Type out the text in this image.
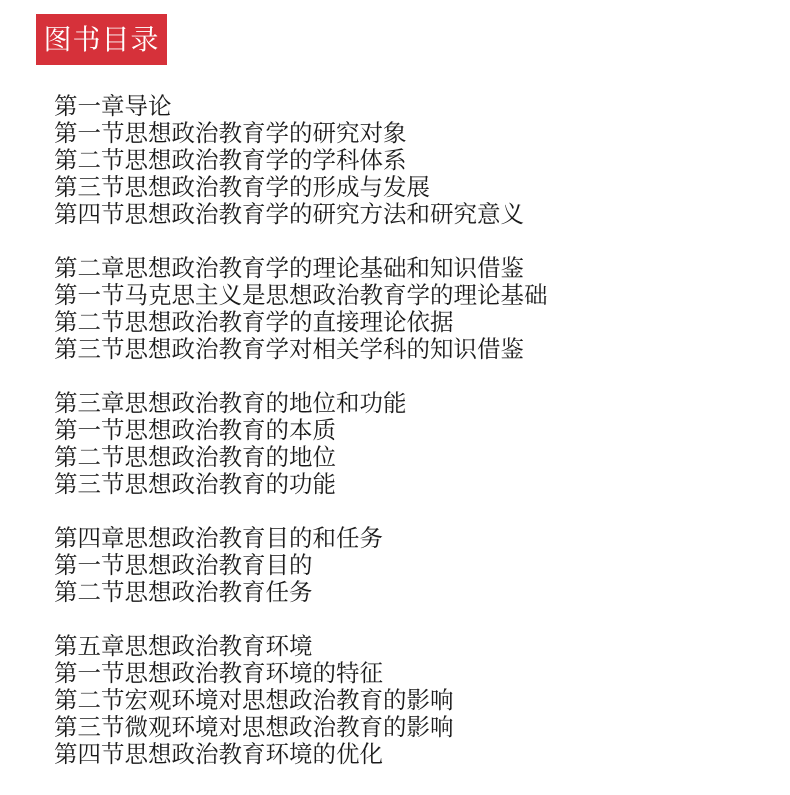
图书目录
第一章导论
第一节思想政治教育学的研究对象
第二节思想政治教育学的学科体系
第三节思想政治教育学的形成与发展
第四节思想政治教育学的研究方法和研究意义
第二章思想政治教育学的理论基础和知识借鉴
第一节马克思主义是思想政治教育学的理论基础
第二节思想政治教育学的直接理论依据
第三节思想政治教育学对相关学科的知识借鉴
第三章思想政治教育的地位和功能
第一节思想政治教育的本质
第二节思想政治教育的地位
第三节思想政治教育的功能
第四章思想政治教育目的和任务
第一节思想政治教育目的
第二节思想政治教育任务
第五章思想政治教育环境
第一节思想政治教育环境的特征
第二节宏观环境对思想政治教育的影响
第三节微观环境对思想政治教育的影响
第四节思想政治教育环境的优化
